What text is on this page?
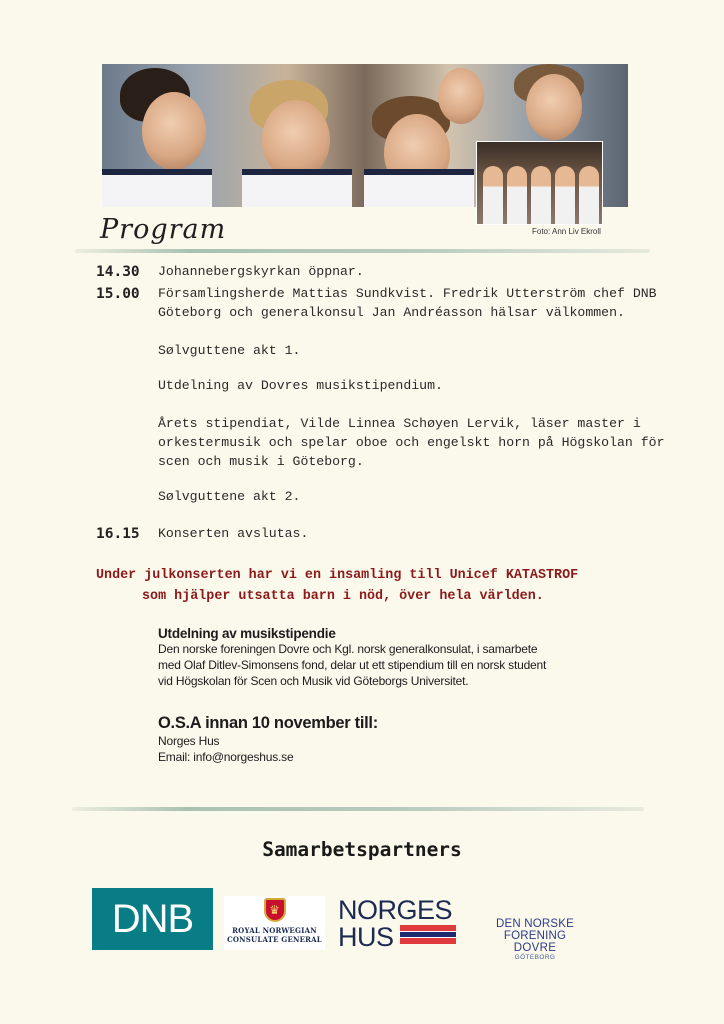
Foto: Ann Liv Ekroll
Program
14.30	Johannebergskyrkan öppnar.
15.00	Församlingsherde Mattias Sundkvist. Fredrik Utterström chef DNB
Göteborg och generalkonsul Jan Andréasson hälsar välkommen.
Sølvguttene akt 1.
Utdelning av Dovres musikstipendium.
Årets stipendiat, Vilde Linnea Schøyen Lervik, läser master i
orkestermusik och spelar oboe och engelskt horn på Högskolan för
scen och musik i Göteborg.
Sølvguttene akt 2.
16.15	Konserten avslutas.
Under julkonserten har vi en insamling till Unicef KATASTROF
som hjälper utsatta barn i nöd, över hela världen.
Utdelning av musikstipendie

Den norske foreningen Dovre och Kgl. norsk generalkonsulat, i samarbete

med Olaf Ditlev-Simonsens fond, delar ut ett stipendium till en norsk student

vid Högskolan för Scen och Musik vid Göteborgs Universitet.

O.S.A innan 10 november till:

Norges Hus

Email: info@norgeshus.se

Samarbetspartners
DNB	♛
ROYAL NORWEGIAN
CONSULATE GENERAL
NORGES
HUS	DEN NORSKE FORENING
DOVRE
GÖTEBORG
